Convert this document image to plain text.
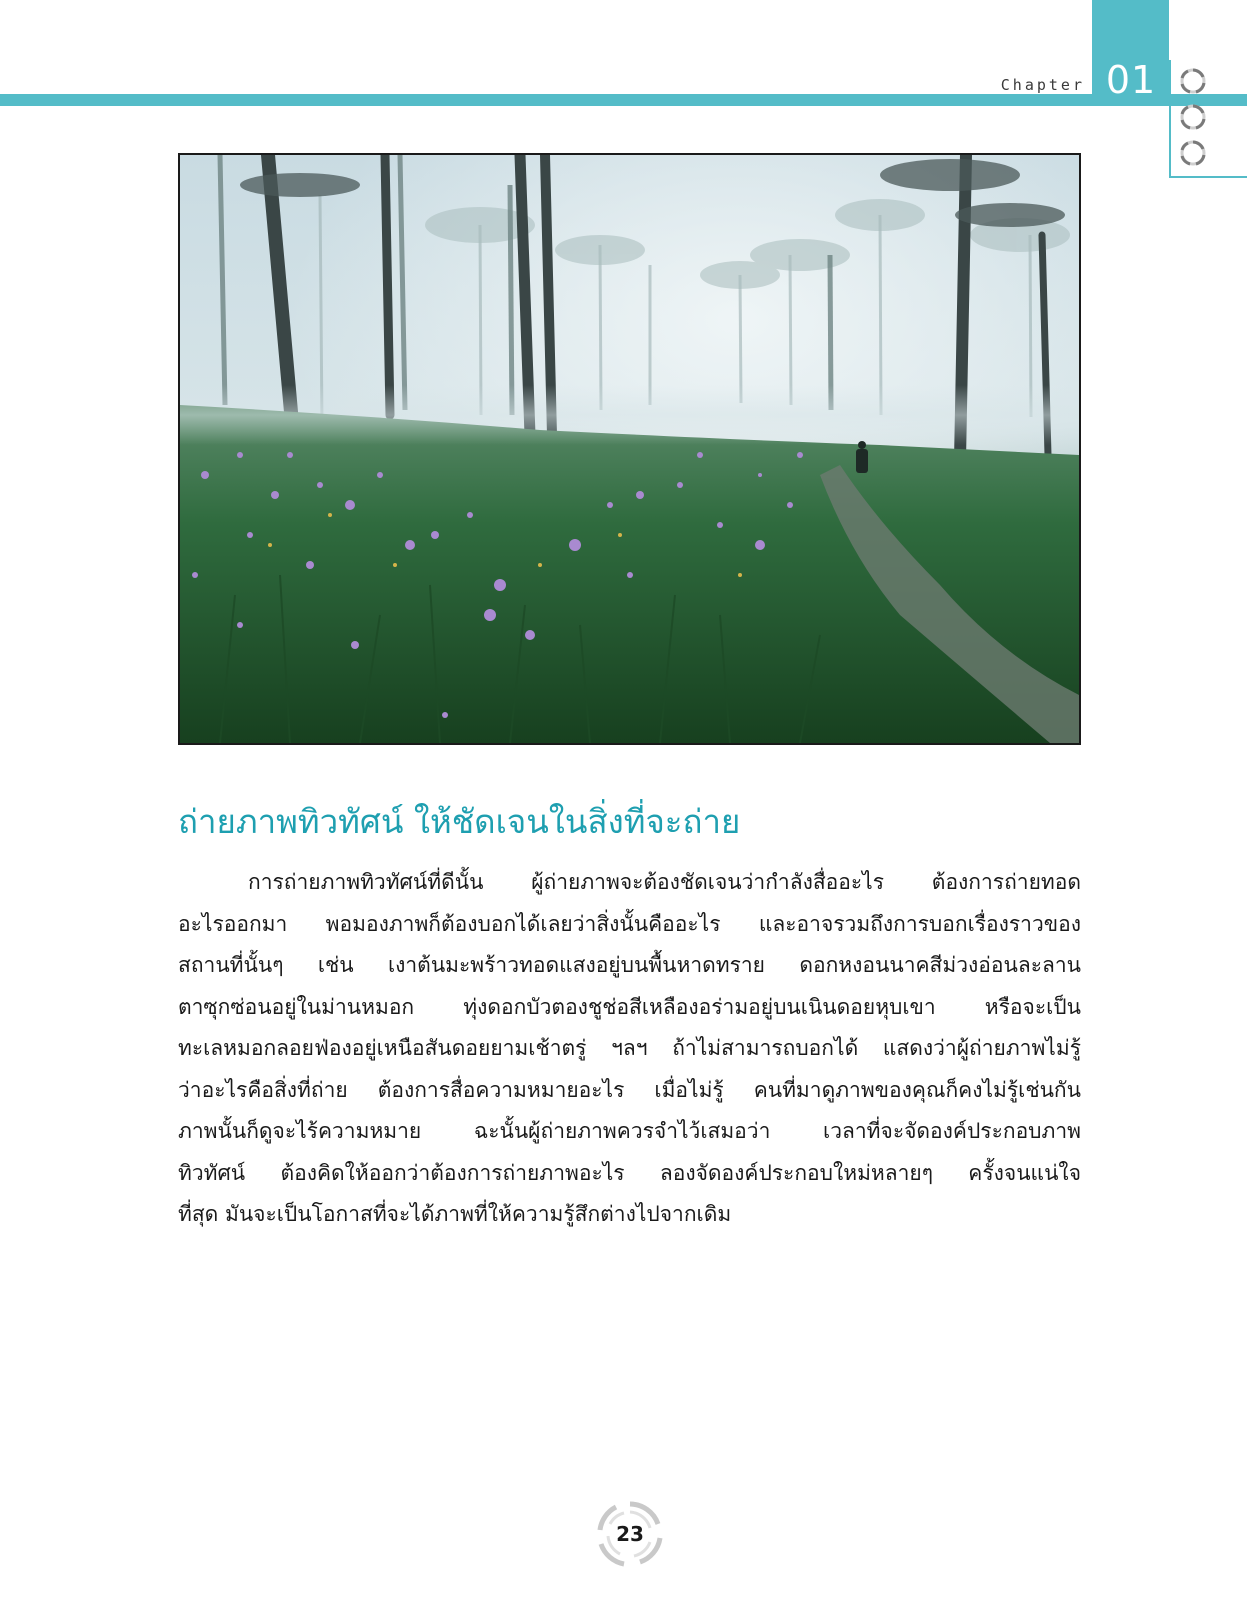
Chapter 01
ถ่ายภาพทิวทัศน์ ให้ชัดเจนในสิ่งที่จะถ่าย
การถ่ายภาพทิวทัศน์ที่ดีนั้น ผู้ถ่ายภาพจะต้องชัดเจนว่ากำลังสื่ออะไร ต้องการถ่ายทอด
อะไรออกมา พอมองภาพก็ต้องบอกได้เลยว่าสิ่งนั้นคืออะไร และอาจรวมถึงการบอกเรื่องราวของ
สถานที่นั้นๆ เช่น เงาต้นมะพร้าวทอดแสงอยู่บนพื้นหาดทราย ดอกหงอนนาคสีม่วงอ่อนละลาน
ตาซุกซ่อนอยู่ในม่านหมอก ทุ่งดอกบัวตองชูช่อสีเหลืองอร่ามอยู่บนเนินดอยหุบเขา หรือจะเป็น
ทะเลหมอกลอยฟ่องอยู่เหนือสันดอยยามเช้าตรู่ ฯลฯ ถ้าไม่สามารถบอกได้ แสดงว่าผู้ถ่ายภาพไม่รู้
ว่าอะไรคือสิ่งที่ถ่าย ต้องการสื่อความหมายอะไร เมื่อไม่รู้ คนที่มาดูภาพของคุณก็คงไม่รู้เช่นกัน
ภาพนั้นก็ดูจะไร้ความหมาย ฉะนั้นผู้ถ่ายภาพควรจำไว้เสมอว่า เวลาที่จะจัดองค์ประกอบภาพ
ทิวทัศน์ ต้องคิดให้ออกว่าต้องการถ่ายภาพอะไร ลองจัดองค์ประกอบใหม่หลายๆ ครั้งจนแน่ใจ
ที่สุด มันจะเป็นโอกาสที่จะได้ภาพที่ให้ความรู้สึกต่างไปจากเดิม
23
